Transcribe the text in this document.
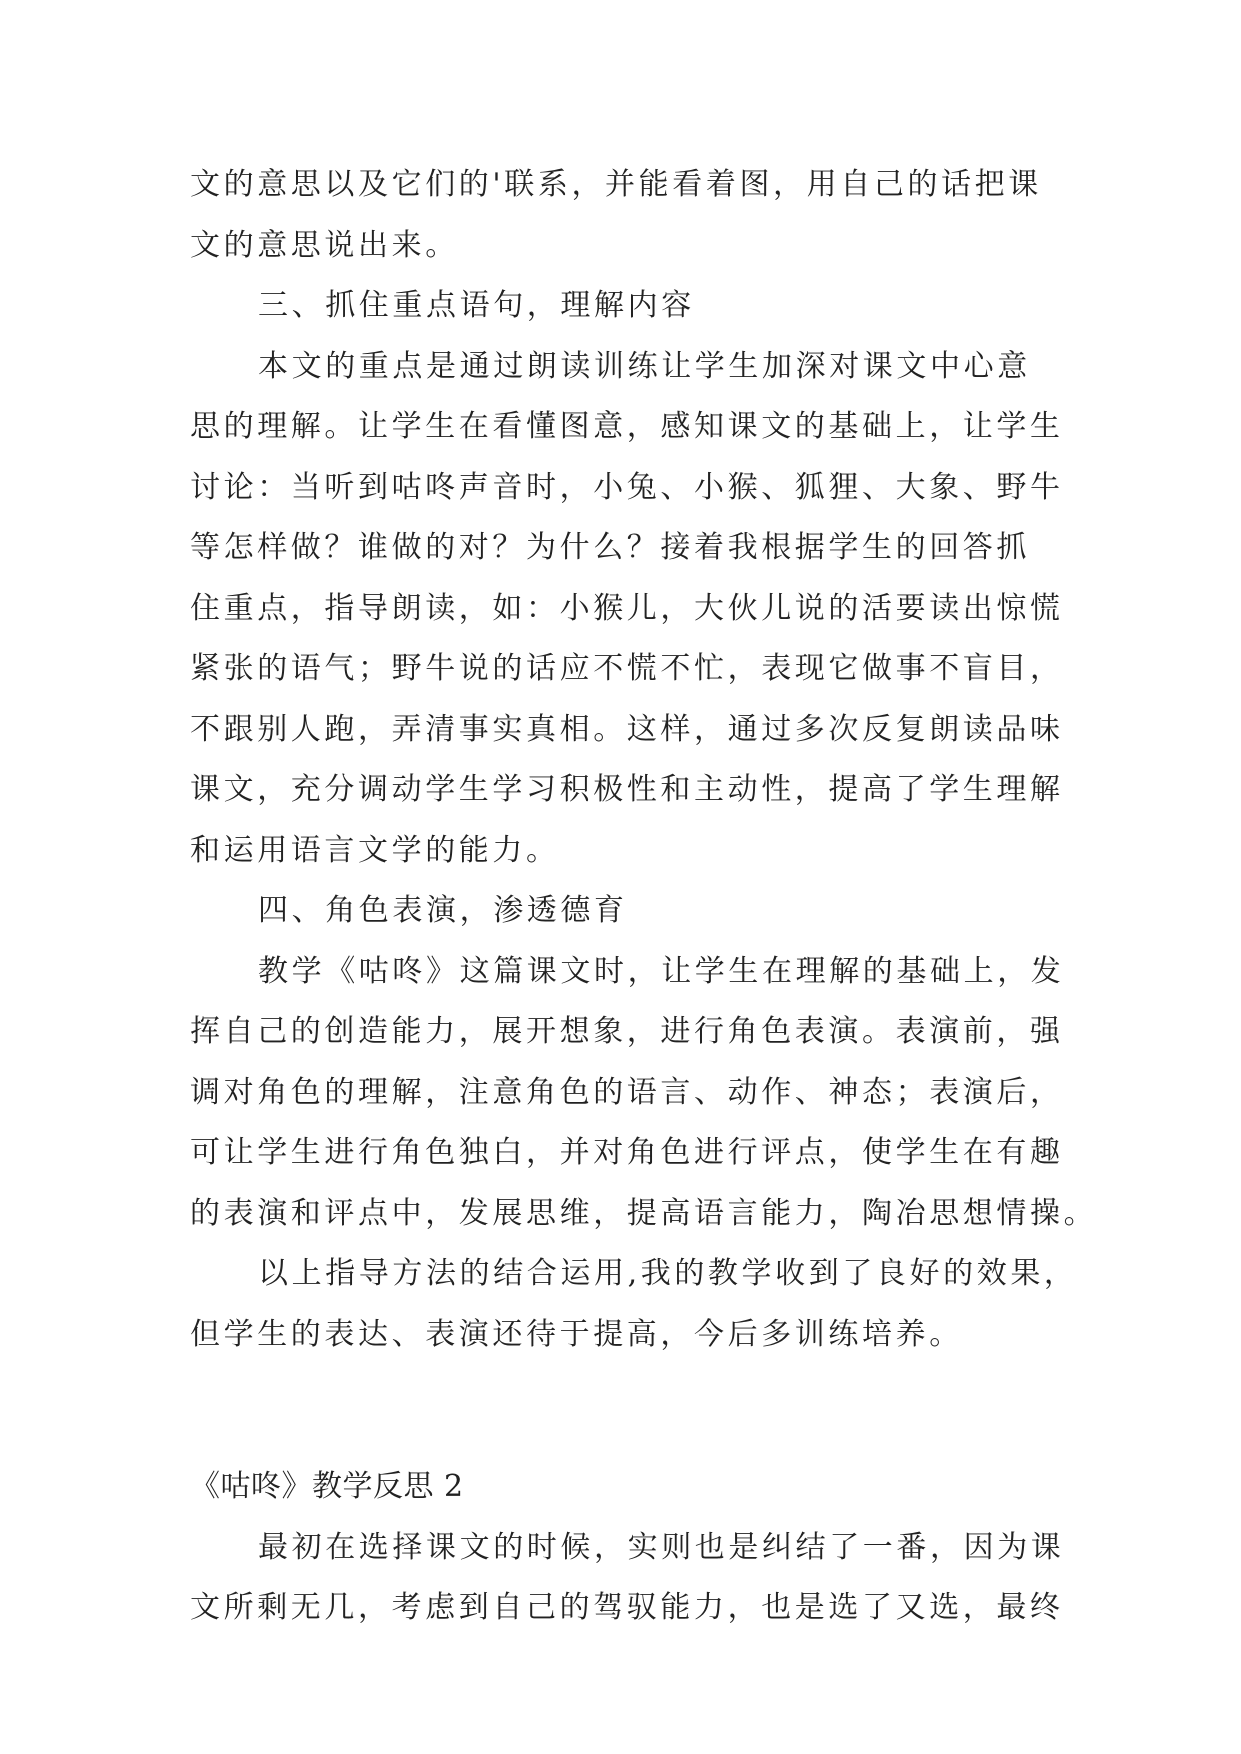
文的意思以及它们的'联系，并能看着图，用自己的话把课
文的意思说出来。
三、抓住重点语句，理解内容
本文的重点是通过朗读训练让学生加深对课文中心意
思的理解。让学生在看懂图意，感知课文的基础上，让学生
讨论：当听到咕咚声音时，小兔、小猴、狐狸、大象、野牛
等怎样做？谁做的对？为什么？接着我根据学生的回答抓
住重点，指导朗读，如：小猴儿，大伙儿说的活要读出惊慌
紧张的语气；野牛说的话应不慌不忙，表现它做事不盲目，
不跟别人跑，弄清事实真相。这样，通过多次反复朗读品味
课文，充分调动学生学习积极性和主动性，提高了学生理解
和运用语言文学的能力。
四、角色表演，渗透德育
教学《咕咚》这篇课文时，让学生在理解的基础上，发
挥自己的创造能力，展开想象，进行角色表演。表演前，强
调对角色的理解，注意角色的语言、动作、神态；表演后，
可让学生进行角色独白，并对角色进行评点，使学生在有趣
的表演和评点中，发展思维，提高语言能力，陶冶思想情操。
以上指导方法的结合运用,我的教学收到了良好的效果，
但学生的表达、表演还待于提高，今后多训练培养。
《咕咚》教学反思 2
最初在选择课文的时候，实则也是纠结了一番，因为课
文所剩无几，考虑到自己的驾驭能力，也是选了又选，最终
